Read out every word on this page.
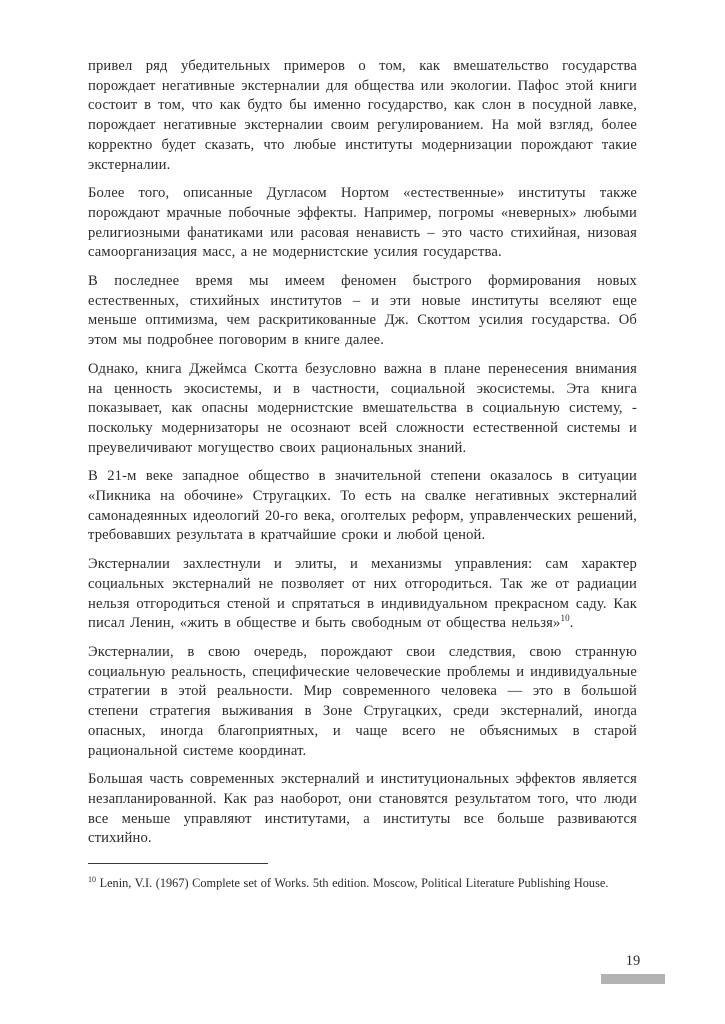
привел ряд убедительных примеров о том, как вмешательство государства порождает негативные экстерналии для общества или экологии. Пафос этой книги состоит в том, что как будто бы именно государство, как слон в посудной лавке, порождает негативные экстерналии своим регулированием. На мой взгляд, более корректно будет сказать, что любые институты модернизации порождают такие экстерналии.

Более того, описанные Дугласом Нортом «естественные» институты также порождают мрачные побочные эффекты. Например, погромы «неверных» любыми религиозными фанатиками или расовая ненависть – это часто стихийная, низовая самоорганизация масс, а не модернистские усилия государства.

В последнее время мы имеем феномен быстрого формирования новых естественных, стихийных институтов – и эти новые институты вселяют еще меньше оптимизма, чем раскритикованные Дж. Скоттом усилия государства. Об этом мы подробнее поговорим в книге далее.

Однако, книга Джеймса Скотта безусловно важна в плане перенесения внимания на ценность экосистемы, и в частности, социальной экосистемы. Эта книга показывает, как опасны модернистские вмешательства в социальную систему, - поскольку модернизаторы не осознают всей сложности естественной системы и преувеличивают могущество своих рациональных знаний.

В 21-м веке западное общество в значительной степени оказалось в ситуации «Пикника на обочине» Стругацких. То есть на свалке негативных экстерналий самонадеянных идеологий 20-го века, оголтелых реформ, управленческих решений, требовавших результата в кратчайшие сроки и любой ценой.

Экстерналии захлестнули и элиты, и механизмы управления: сам характер социальных экстерналий не позволяет от них отгородиться. Так же от радиации нельзя отгородиться стеной и спрятаться в индивидуальном прекрасном саду. Как писал Ленин, «жить в обществе и быть свободным от общества нельзя»$^{10}$.

Экстерналии, в свою очередь, порождают свои следствия, свою странную социальную реальность, специфические человеческие проблемы и индивидуальные стратегии в этой реальности. Мир современного человека — это в большой степени стратегия выживания в Зоне Стругацких, среди экстерналий, иногда опасных, иногда благоприятных, и чаще всего не объяснимых в старой рациональной системе координат.

Большая часть современных экстерналий и институциональных эффектов является незапланированной. Как раз наоборот, они становятся результатом того, что люди все меньше управляют институтами, а институты все больше развиваются стихийно.

$^{10}$ Lenin, V.I. (1967) Complete set of Works. 5th edition. Moscow, Political Literature Publishing House.
19
